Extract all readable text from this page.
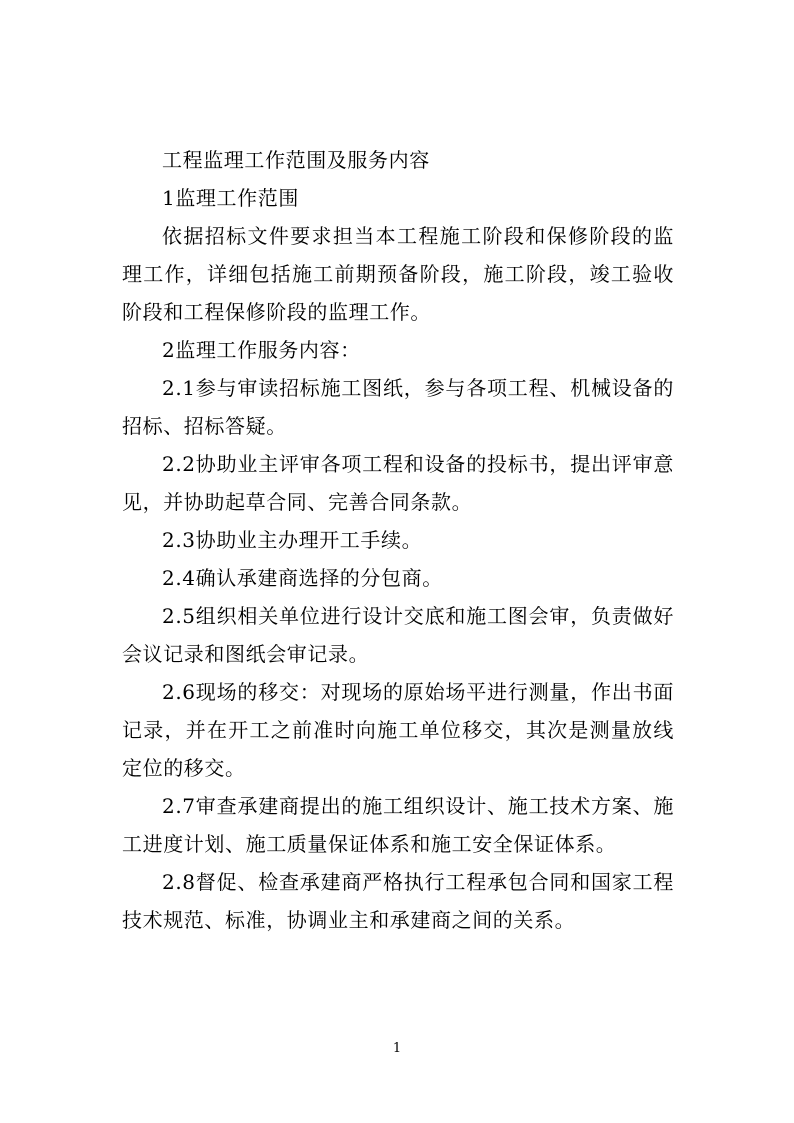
工程监理工作范围及服务内容

1监理工作范围

依据招标文件要求担当本工程施工阶段和保修阶段的监理工作，详细包括施工前期预备阶段，施工阶段，竣工验收阶段和工程保修阶段的监理工作。

2监理工作服务内容：

2.1参与审读招标施工图纸，参与各项工程、机械设备的招标、招标答疑。

2.2协助业主评审各项工程和设备的投标书，提出评审意见，并协助起草合同、完善合同条款。

2.3协助业主办理开工手续。

2.4确认承建商选择的分包商。

2.5组织相关单位进行设计交底和施工图会审，负责做好会议记录和图纸会审记录。

2.6现场的移交：对现场的原始场平进行测量，作出书面记录，并在开工之前准时向施工单位移交，其次是测量放线定位的移交。

2.7审查承建商提出的施工组织设计、施工技术方案、施工进度计划、施工质量保证体系和施工安全保证体系。

2.8督促、检查承建商严格执行工程承包合同和国家工程技术规范、标准，协调业主和承建商之间的关系。

1
